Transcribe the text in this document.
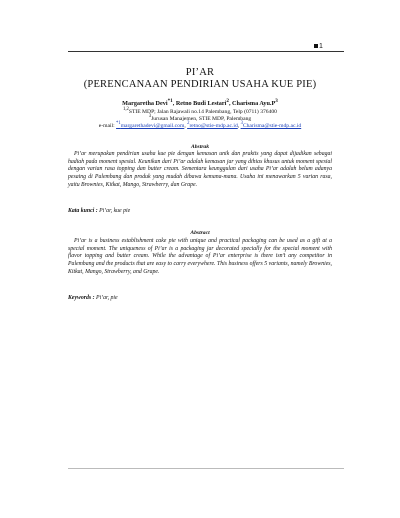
1
PI’AR
(PERENCANAAN PENDIRIAN USAHA KUE PIE)
Margaretha Devi$^{*1}$, Retno Budi Lestari$^2$, Charisma $Ayu.P^3$
$^{1,2}$STIE MDP; Jalan Rajawali no.14 Palembang, Telp (0711) 376400
$^3$Jurusan Manajemen, STIE MDP, Palembang
e-mail: $^{*1}$margarethadevi@gmail.com, $^2$retno@stie-mdp.ac.id, $^3$Charisma@stie-mdp.ac.id
Abstrak

Pi’ar merupakan pendirian usaha kue pie dengan kemasan unik dan praktis yang dapat dijadikan sebagai hadiah pada moment spesial. Keunikan dari Pi’ar adalah kemasan jar yang dihias khusus untuk moment spesial dengan varian rasa topping dan butter cream. Sementara keunggulan dari usaha Pi’ar adalah belum adanya pesaing di Palembang dan produk yang mudah dibawa kemana-mana. Usaha ini menawarkan 5 varian rasa, yaitu Brownies, Kitkat, Mango, Strawberry, dan Grape.

Kata kunci : Pi’ar, kue pie
Abstract

Pi’ar is a business establishment cake pie with unique and practical packaging can be used as a gift at a special moment. The uniqueness of Pi’ar is a packaging jar decorated specially for the special moment with flavor topping and butter cream. While the advantage of Pi’ar enterprise is there isn’t any competitor in Palembang and the products that are easy to carry everywhere. This business offers 5 variants, namely Brownies, Kitkat, Mango, Strawberry, and Grape.

Keywords : Pi’ar, pie
